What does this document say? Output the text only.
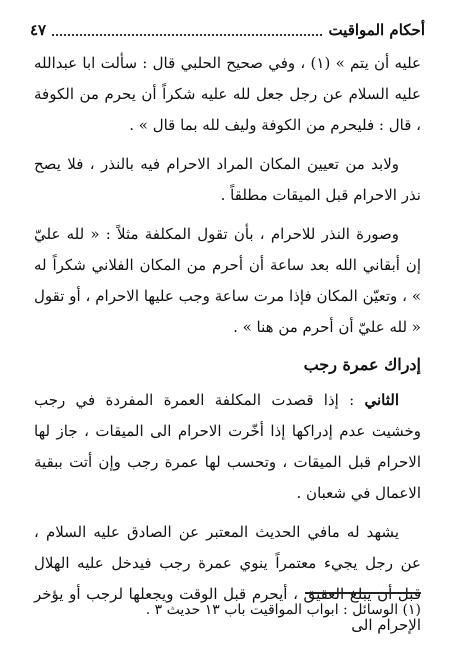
أحكام المواقيت
٤٧

عليه أن يتم » (١) ، وفي صحيح الحلبي قال : سألت ابا عبدالله عليه السلام عن رجل جعل لله عليه شكراً أن يحرم من الكوفة ، قال : فليحرم من الكوفة وليف لله بما قال » .

ولابد من تعيين المكان المراد الاحرام فيه بالنذر ، فلا يصح نذر الاحرام قبل الميقات مطلقاً .

وصورة النذر للاحرام ، بأن تقول المكلفة مثلاً : « لله عليّ إن أبقاني الله بعد ساعة أن أحرم من المكان الفلاني شكراً له » ، وتعيّن المكان فإذا مرت ساعة وجب عليها الاحرام ، أو تقول « لله عليّ أن أحرم من هنا » .

إدراك عمرة رجب

الثاني : إذا قصدت المكلفة العمرة المفردة في رجب وخشيت عدم إدراكها إذا أخّرت الاحرام الى الميقات ، جاز لها الاحرام قبل الميقات ، وتحسب لها عمرة رجب وإن أتت ببقية الاعمال في شعبان .

يشهد له مافي الحديث المعتبر عن الصادق عليه السلام ، عن رجل يجيء معتمراً ينوي عمرة رجب فيدخل عليه الهلال قبل أن يبلغ العقيق ، أيحرم قبل الوقت ويجعلها لرجب أو يؤخر الإحرام الى

(١) الوسائل : ابواب المواقيت باب ١٣ حديث ٣ .
